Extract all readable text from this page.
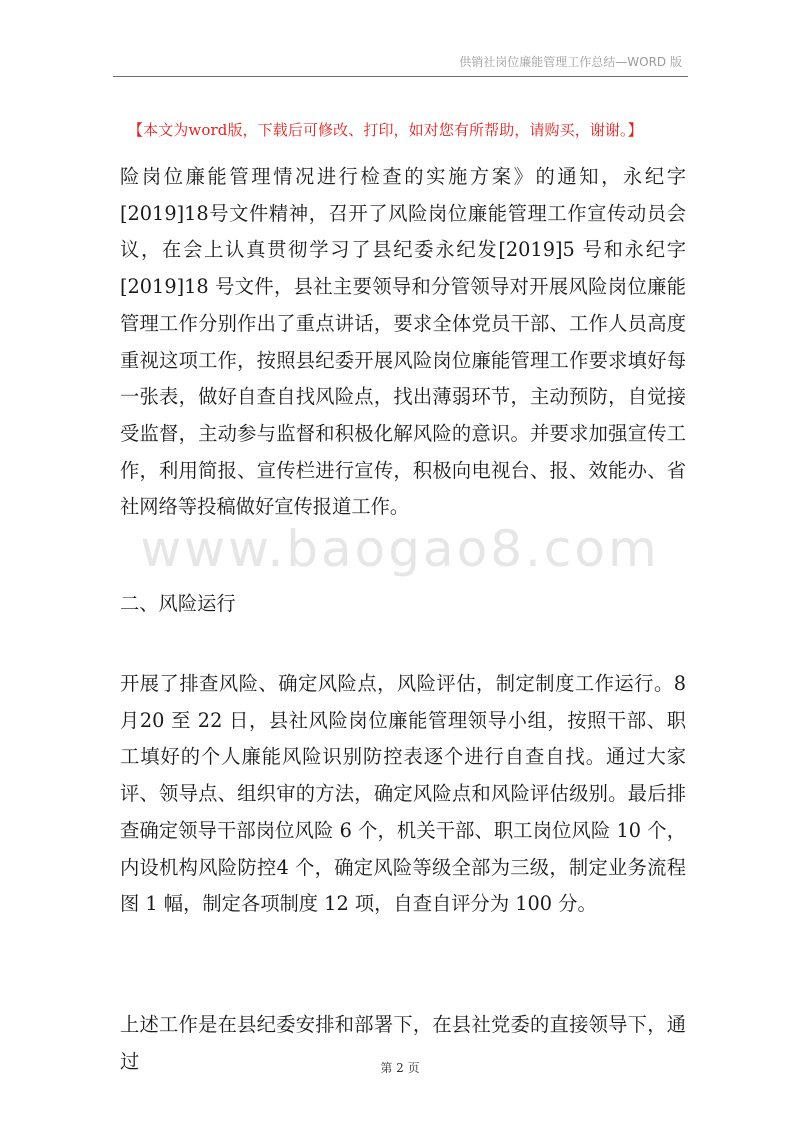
供销社岗位廉能管理工作总结—WORD 版
【本文为word版，下载后可修改、打印，如对您有所帮助，请购买，谢谢。】

险岗位廉能管理情况进行检查的实施方案》的通知，永纪字[2019]18号文件精神，召开了风险岗位廉能管理工作宣传动员会议，在会上认真贯彻学习了县纪委永纪发[2019]5 号和永纪字[2019]18 号文件，县社主要领导和分管领导对开展风险岗位廉能管理工作分别作出了重点讲话，要求全体党员干部、工作人员高度重视这项工作，按照县纪委开展风险岗位廉能管理工作要求填好每一张表，做好自查自找风险点，找出薄弱环节，主动预防，自觉接受监督，主动参与监督和积极化解风险的意识。并要求加强宣传工作，利用简报、宣传栏进行宣传，积极向电视台、报、效能办、省社网络等投稿做好宣传报道工作。

www.baogao8.com

二、风险运行

开展了排查风险、确定风险点，风险评估，制定制度工作运行。8 月20 至 22 日，县社风险岗位廉能管理领导小组，按照干部、职工填好的个人廉能风险识别防控表逐个进行自查自找。通过大家评、领导点、组织审的方法，确定风险点和风险评估级别。最后排查确定领导干部岗位风险 6 个，机关干部、职工岗位风险 10 个，内设机构风险防控4 个，确定风险等级全部为三级，制定业务流程图 1 幅，制定各项制度 12 项，自查自评分为 100 分。

上述工作是在县纪委安排和部署下，在县社党委的直接领导下，通过	第 2 页
